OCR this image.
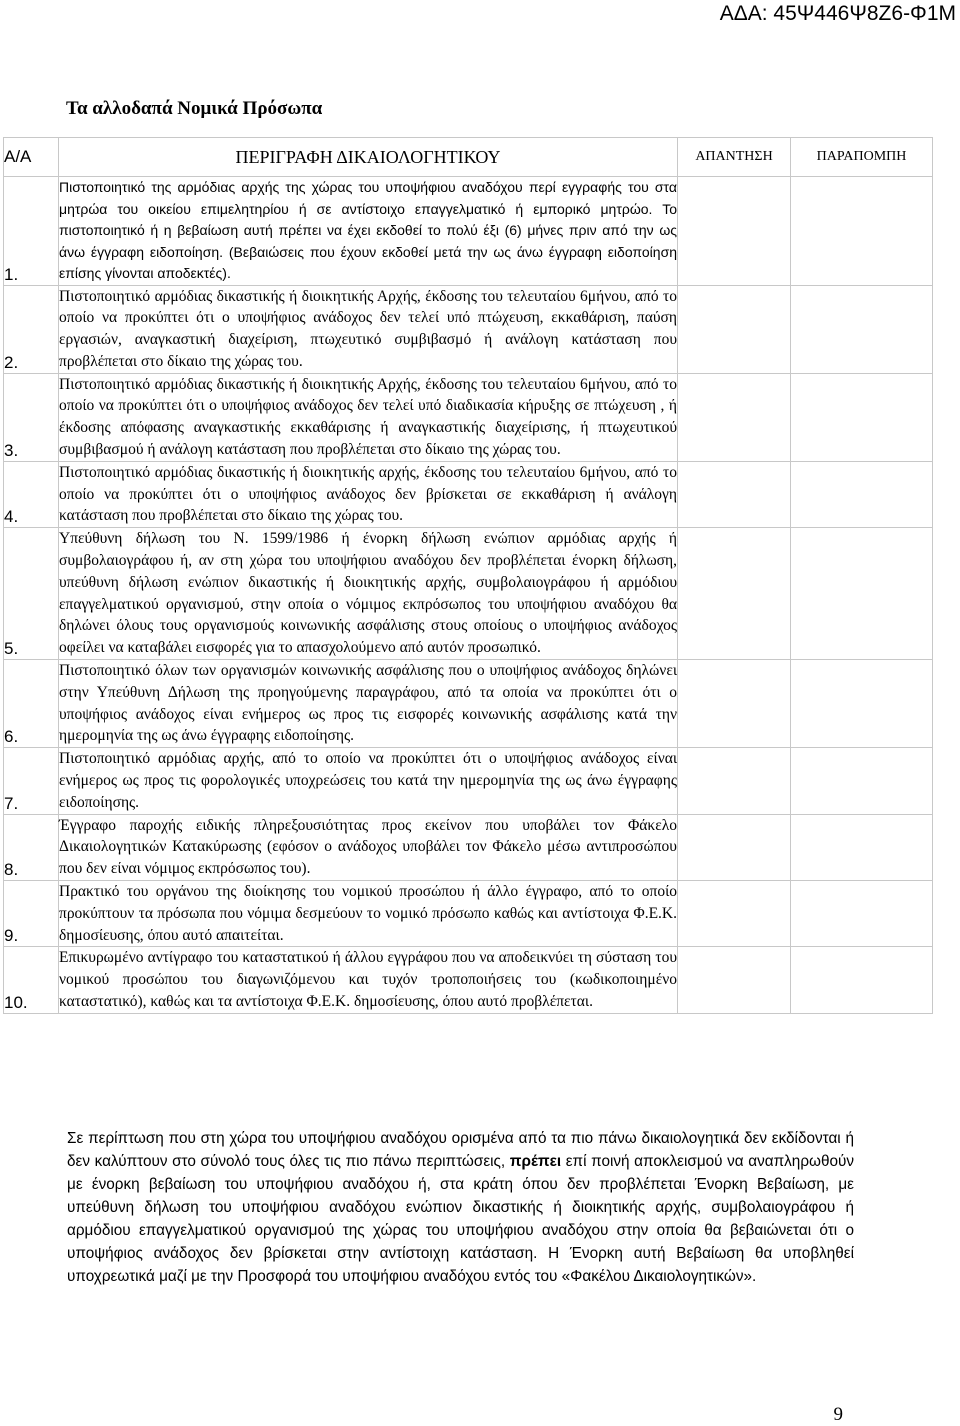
ΑΔΑ: 45Ψ446Ψ8Ζ6-Φ1Μ
Τα αλλοδαπά Νομικά Πρόσωπα
Α/Α	ΠΕΡΙΓΡΑΦΗ ΔΙΚΑΙΟΛΟΓΗΤΙΚΟΥ	ΑΠΑΝΤΗΣΗ	ΠΑΡΑΠΟΜΠΗ
1.	Πιστοποιητικό της αρμόδιας αρχής της χώρας του υποψήφιου αναδόχου περί εγγραφής του στα μητρώα του οικείου επιμελητηρίου ή σε αντίστοιχο επαγγελματικό ή εμπορικό μητρώο. Το πιστοποιητικό ή η βεβαίωση αυτή πρέπει να έχει εκδοθεί το πολύ έξι (6) μήνες πριν από την ως άνω έγγραφη ειδοποίηση. (Βεβαιώσεις που έχουν εκδοθεί μετά την ως άνω έγγραφη ειδοποίηση επίσης γίνονται αποδεκτές).		
2.	Πιστοποιητικό αρμόδιας δικαστικής ή διοικητικής Αρχής, έκδοσης του τελευταίου 6μήνου, από το οποίο να προκύπτει ότι ο υποψήφιος ανάδοχος δεν τελεί υπό πτώχευση, εκκαθάριση, παύση εργασιών, αναγκαστική διαχείριση, πτωχευτικό συμβιβασμό ή ανάλογη κατάσταση που προβλέπεται στο δίκαιο της χώρας του.		
3.	Πιστοποιητικό αρμόδιας δικαστικής ή διοικητικής Αρχής, έκδοσης του τελευταίου 6μήνου, από το οποίο να προκύπτει ότι ο υποψήφιος ανάδοχος δεν τελεί υπό διαδικασία κήρυξης σε πτώχευση , ή έκδοσης απόφασης αναγκαστικής εκκαθάρισης ή αναγκαστικής διαχείρισης, ή πτωχευτικού συμβιβασμού ή ανάλογη κατάσταση που προβλέπεται στο δίκαιο της χώρας του.		
4.	Πιστοποιητικό αρμόδιας δικαστικής ή διοικητικής αρχής, έκδοσης του τελευταίου 6μήνου, από το οποίο να προκύπτει ότι ο υποψήφιος ανάδοχος δεν βρίσκεται σε εκκαθάριση ή ανάλογη κατάσταση που προβλέπεται στο δίκαιο της χώρας του.		
5.	Υπεύθυνη δήλωση του Ν. 1599/1986 ή ένορκη δήλωση ενώπιον αρμόδιας αρχής ή συμβολαιογράφου ή, αν στη χώρα του υποψήφιου αναδόχου δεν προβλέπεται ένορκη δήλωση, υπεύθυνη δήλωση ενώπιον δικαστικής ή διοικητικής αρχής, συμβολαιογράφου ή αρμόδιου επαγγελματικού οργανισμού, στην οποία ο νόμιμος εκπρόσωπος του υποψήφιου αναδόχου θα δηλώνει όλους τους οργανισμούς κοινωνικής ασφάλισης στους οποίους ο υποψήφιος ανάδοχος οφείλει να καταβάλει εισφορές για το απασχολούμενο από αυτόν προσωπικό.		
6.	Πιστοποιητικό όλων των οργανισμών κοινωνικής ασφάλισης που ο υποψήφιος ανάδοχος δηλώνει στην Υπεύθυνη Δήλωση της προηγούμενης παραγράφου, από τα οποία να προκύπτει ότι ο υποψήφιος ανάδοχος είναι ενήμερος ως προς τις εισφορές κοινωνικής ασφάλισης κατά την ημερομηνία της ως άνω έγγραφης ειδοποίησης.		
7.	Πιστοποιητικό αρμόδιας αρχής, από το οποίο να προκύπτει ότι ο υποψήφιος ανάδοχος είναι ενήμερος ως προς τις φορολογικές υποχρεώσεις του κατά την ημερομηνία της ως άνω έγγραφης ειδοποίησης.		
8.	Έγγραφο παροχής ειδικής πληρεξουσιότητας προς εκείνον που υποβάλει τον Φάκελο Δικαιολογητικών Κατακύρωσης (εφόσον ο ανάδοχος υποβάλει τον Φάκελο μέσω αντιπροσώπου που δεν είναι νόμιμος εκπρόσωπος του).		
9.	Πρακτικό του οργάνου της διοίκησης του νομικού προσώπου ή άλλο έγγραφο, από το οποίο προκύπτουν τα πρόσωπα που νόμιμα δεσμεύουν το νομικό πρόσωπο καθώς και αντίστοιχα Φ.Ε.Κ. δημοσίευσης, όπου αυτό απαιτείται.		
10.	Επικυρωμένο αντίγραφο του καταστατικού ή άλλου εγγράφου που να αποδεικνύει τη σύσταση του νομικού προσώπου του διαγωνιζόμενου και τυχόν τροποποιήσεις του (κωδικοποιημένο καταστατικό), καθώς και τα αντίστοιχα Φ.Ε.Κ. δημοσίευσης, όπου αυτό προβλέπεται.		
Σε περίπτωση που στη χώρα του υποψήφιου αναδόχου ορισμένα από τα πιο πάνω δικαιολογητικά δεν εκδίδονται ή δεν καλύπτουν στο σύνολό τους όλες τις πιο πάνω περιπτώσεις, πρέπει επί ποινή αποκλεισμού να αναπληρωθούν με ένορκη βεβαίωση του υποψήφιου αναδόχου ή, στα κράτη όπου δεν προβλέπεται Ένορκη Βεβαίωση, με υπεύθυνη δήλωση του υποψήφιου αναδόχου ενώπιον δικαστικής ή διοικητικής αρχής, συμβολαιογράφου ή αρμόδιου επαγγελματικού οργανισμού της χώρας του υποψήφιου αναδόχου στην οποία θα βεβαιώνεται ότι ο υποψήφιος ανάδοχος δεν βρίσκεται στην αντίστοιχη κατάσταση. Η Ένορκη αυτή Βεβαίωση θα υποβληθεί υποχρεωτικά μαζί με την Προσφορά του υποψήφιου αναδόχου εντός του «Φακέλου Δικαιολογητικών».
9
